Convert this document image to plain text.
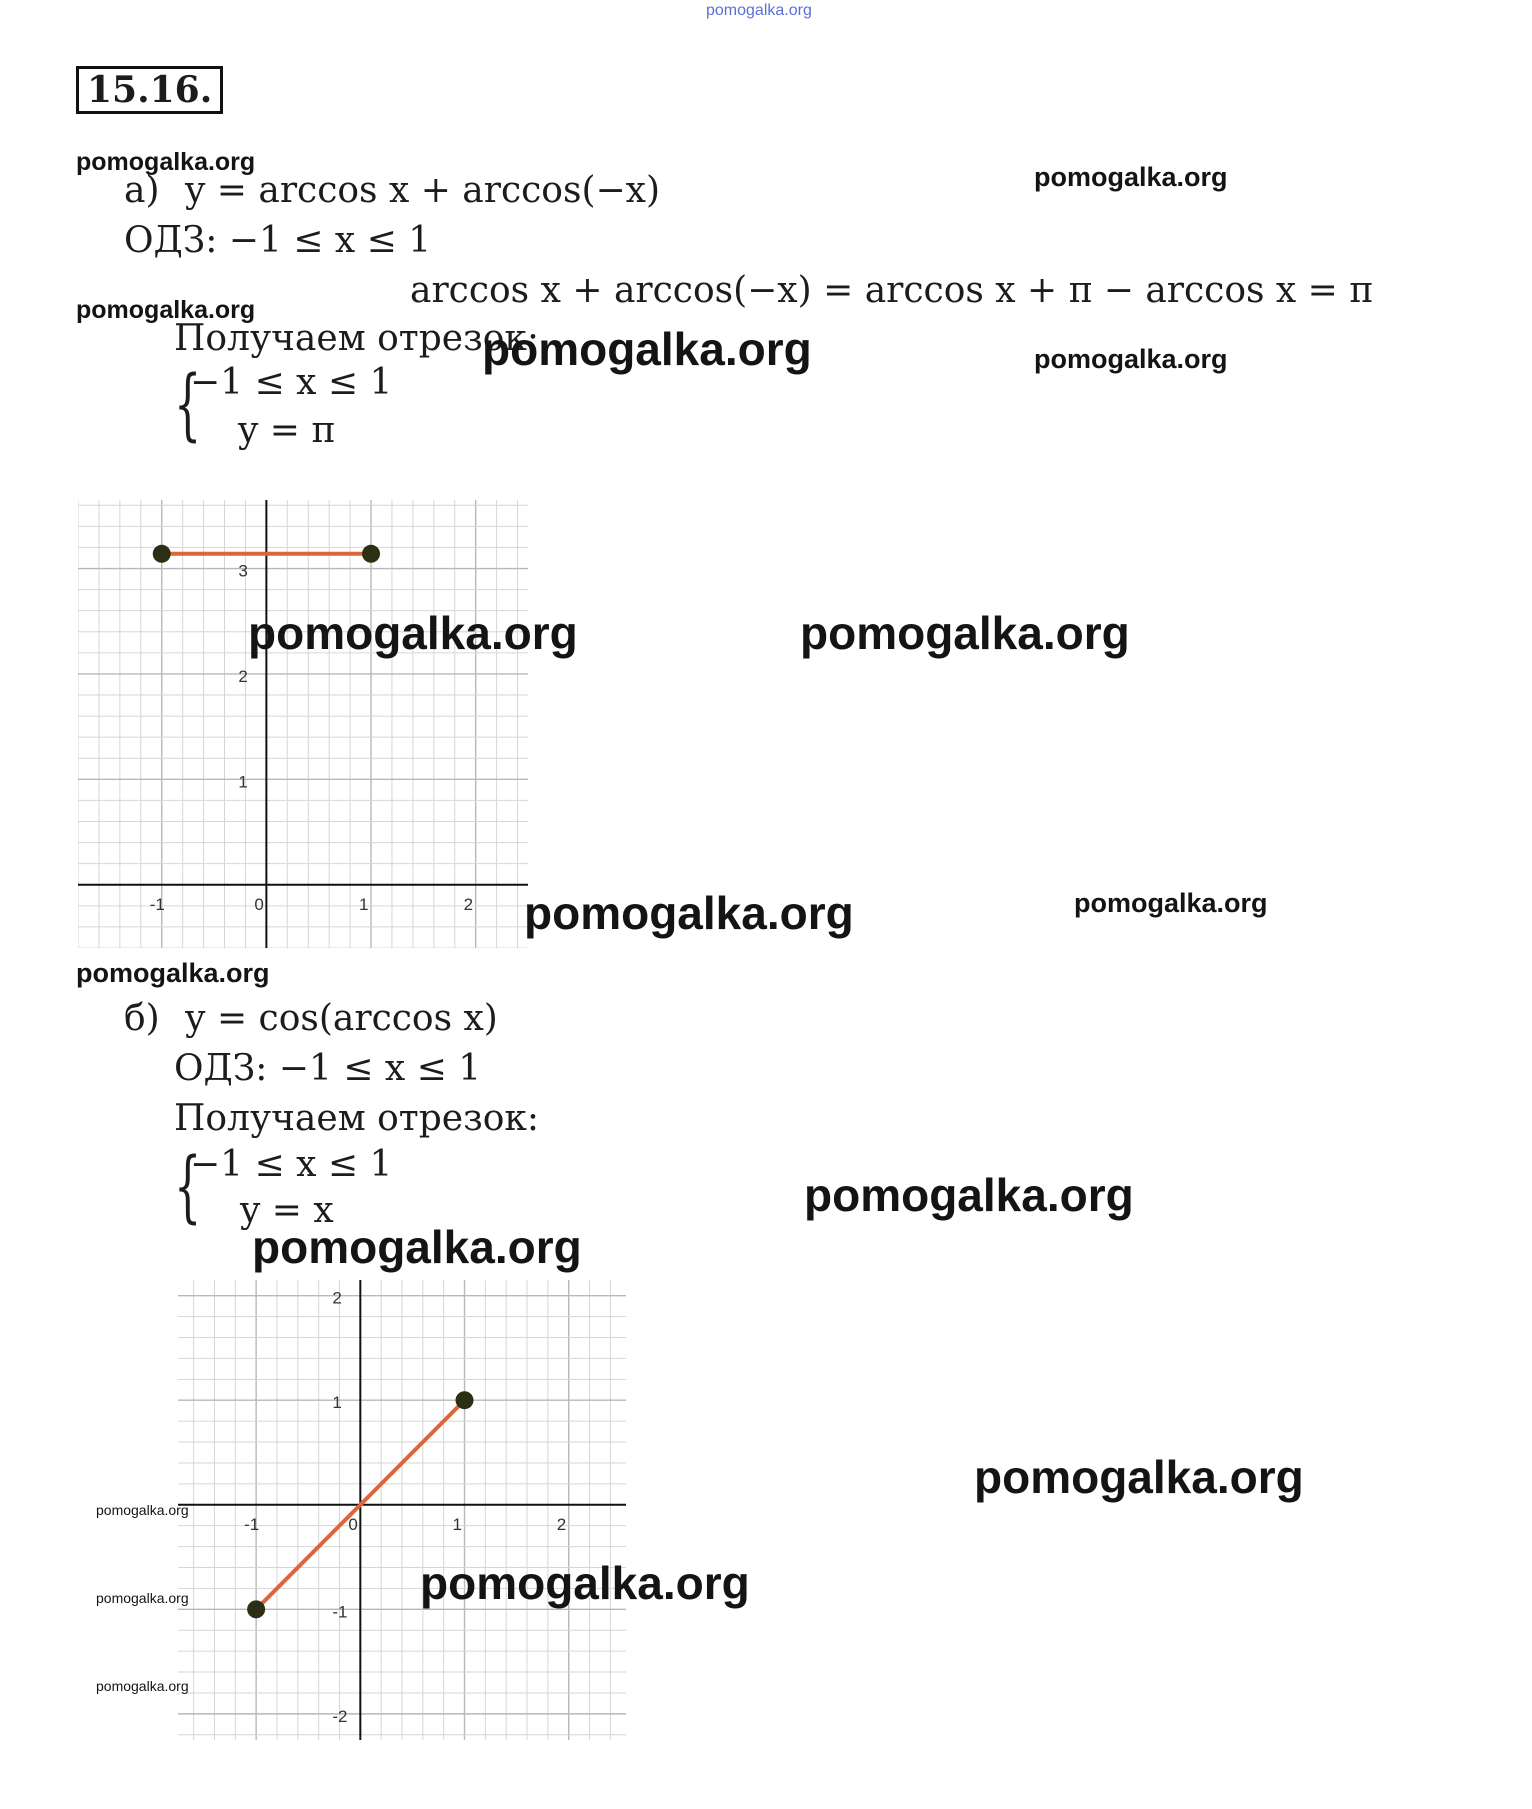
pomogalka.org
15.16.
pomogalka.org	pomogalka.org
а) y = arccos x + arccos(−x)
ОДЗ: −1 ≤ x ≤ 1
arccos x + arccos(−x) = arccos x + π − arccos x = π
pomogalka.org
Получаем отрезок:
pomogalka.org	pomogalka.org
{
−1 ≤ x ≤ 1
y = π
-1	0	1	2
1
2
3
pomogalka.org	pomogalka.org
pomogalka.org	pomogalka.org
pomogalka.org
б) y = cos(arccos x)
ОДЗ: −1 ≤ x ≤ 1
Получаем отрезок:
{
−1 ≤ x ≤ 1
y = x	pomogalka.org
pomogalka.org
-1	0	1	2
-2
-1
1
2
pomogalka.org
pomogalka.org
pomogalka.org
pomogalka.org
pomogalka.org
